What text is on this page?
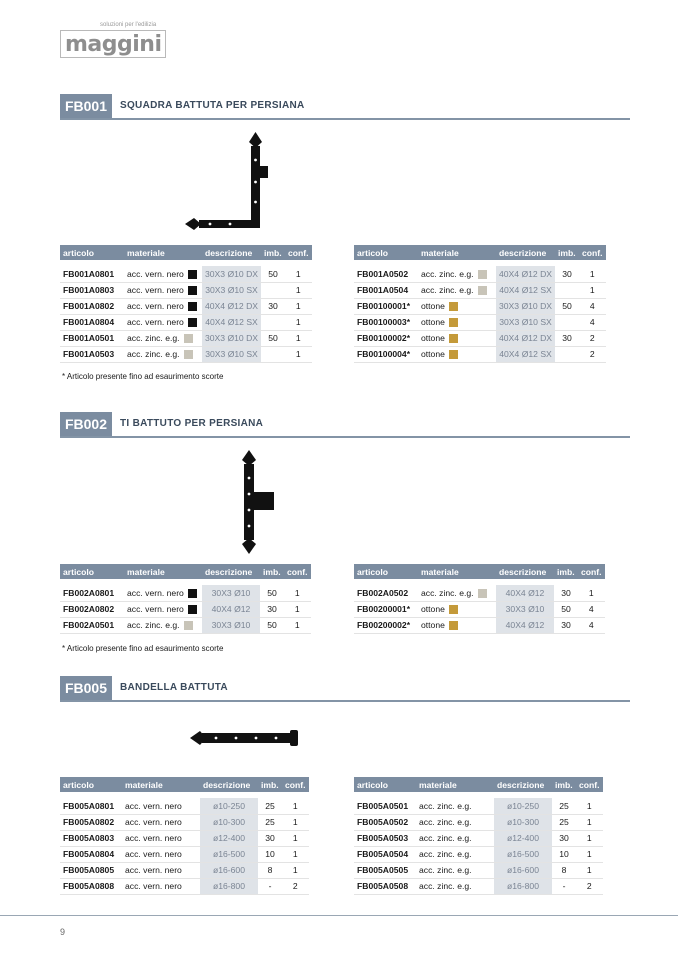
soluzioni per l'edilizia
maggini
FB001	SQUADRA BATTUTA PER PERSIANA
articolo	materiale	descrizione	imb.	conf.

FB001A0801	acc. vern. nero	30X3 Ø10 DX	50	1
FB001A0803	acc. vern. nero	30X3 Ø10 SX		1
FB001A0802	acc. vern. nero	40X4 Ø12 DX	30	1
FB001A0804	acc. vern. nero	40X4 Ø12 SX		1
FB001A0501	acc. zinc. e.g.	30X3 Ø10 DX	50	1
FB001A0503	acc. zinc. e.g.	30X3 Ø10 SX		1
articolo	materiale	descrizione	imb.	conf.

FB001A0502	acc. zinc. e.g.	40X4 Ø12 DX	30	1
FB001A0504	acc. zinc. e.g.	40X4 Ø12 SX		1
FB00100001*	ottone	30X3 Ø10 DX	50	4
FB00100003*	ottone	30X3 Ø10 SX		4
FB00100002*	ottone	40X4 Ø12 DX	30	2
FB00100004*	ottone	40X4 Ø12 SX		2
* Articolo presente fino ad esaurimento scorte
FB002	TI BATTUTO PER PERSIANA
articolo	materiale	descrizione	imb.	conf.

FB002A0801	acc. vern. nero	30X3 Ø10	50	1
FB002A0802	acc. vern. nero	40X4 Ø12	30	1
FB002A0501	acc. zinc. e.g.	30X3 Ø10	50	1
articolo	materiale	descrizione	imb.	conf.

FB002A0502	acc. zinc. e.g.	40X4 Ø12	30	1
FB00200001*	ottone	30X3 Ø10	50	4
FB00200002*	ottone	40X4 Ø12	30	4
* Articolo presente fino ad esaurimento scorte
FB005	BANDELLA BATTUTA
articolo	materiale	descrizione	imb.	conf.

FB005A0801	acc. vern. nero	ø10-250	25	1
FB005A0802	acc. vern. nero	ø10-300	25	1
FB005A0803	acc. vern. nero	ø12-400	30	1
FB005A0804	acc. vern. nero	ø16-500	10	1
FB005A0805	acc. vern. nero	ø16-600	8	1
FB005A0808	acc. vern. nero	ø16-800	-	2
articolo	materiale	descrizione	imb.	conf.

FB005A0501	acc. zinc. e.g.	ø10-250	25	1
FB005A0502	acc. zinc. e.g.	ø10-300	25	1
FB005A0503	acc. zinc. e.g.	ø12-400	30	1
FB005A0504	acc. zinc. e.g.	ø16-500	10	1
FB005A0505	acc. zinc. e.g.	ø16-600	8	1
FB005A0508	acc. zinc. e.g.	ø16-800	-	2
9
